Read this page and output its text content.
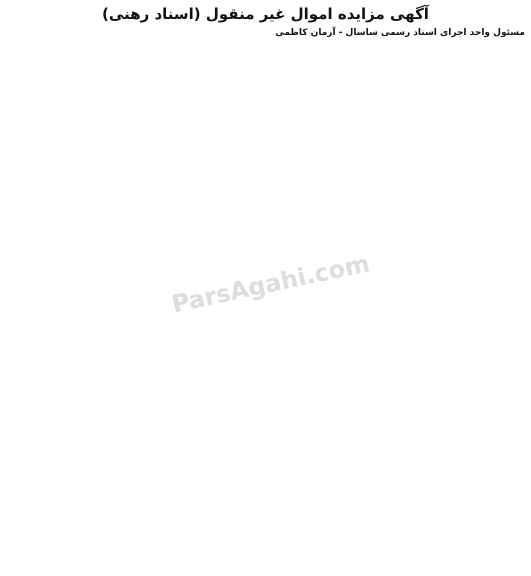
آگهی مزایده اموال غیر منقول (اسناد رهنی)

مسئول واحد اجرای اسناد رسمی ساسال - آرمان کاظمی

ParsAgahi.com
